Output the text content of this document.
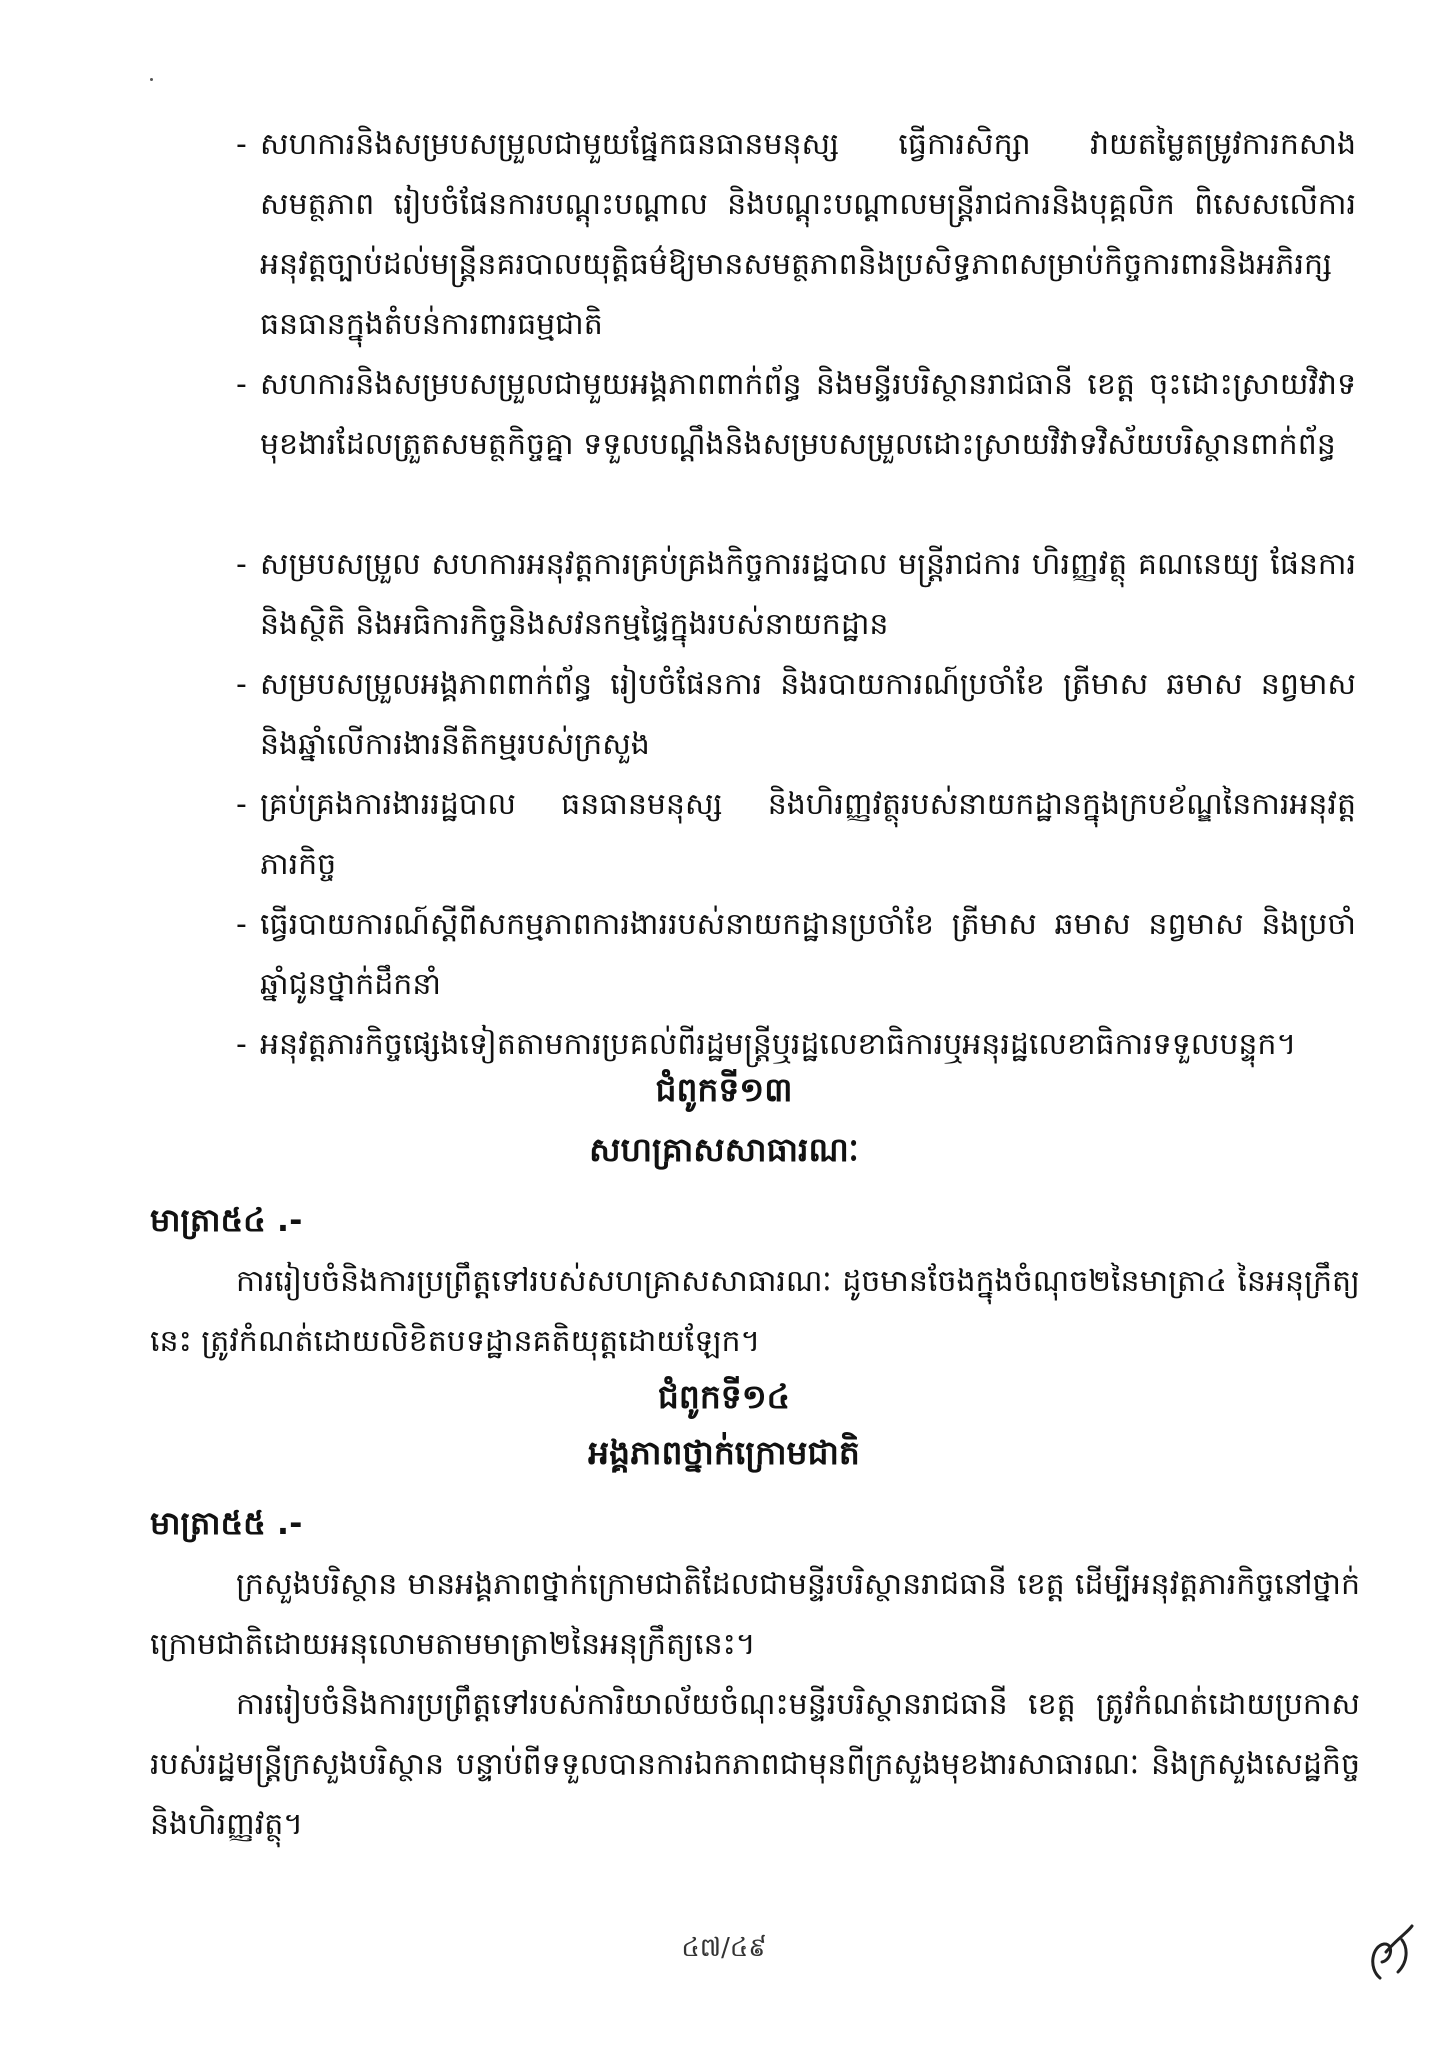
- សហការនិងសម្របសម្រួលជាមួយផ្នែកធនធានមនុស្ស ធ្វើការសិក្សា វាយតម្លៃតម្រូវការកសាងសមត្ថភាព រៀបចំផែនការបណ្ដុះបណ្ដាល និងបណ្ដុះបណ្ដាលមន្ត្រីរាជការនិងបុគ្គលិក ពិសេសលើការអនុវត្តច្បាប់ដល់មន្ត្រីនគរបាលយុត្តិធម៌ឱ្យមានសមត្ថភាពនិងប្រសិទ្ធភាពសម្រាប់កិច្ចការពារនិងអភិរក្សធនធានក្នុងតំបន់ការពារធម្មជាតិ
- សហការនិងសម្របសម្រួលជាមួយអង្គភាពពាក់ព័ន្ធ និងមន្ទីរបរិស្ថានរាជធានី ខេត្ត ចុះដោះស្រាយវិវាទមុខងារដែលត្រួតសមត្ថកិច្ចគ្នា ទទួលបណ្ដឹងនិងសម្របសម្រួលដោះស្រាយវិវាទវិស័យបរិស្ថានពាក់ព័ន្ធ
- សម្របសម្រួល សហការអនុវត្តការគ្រប់គ្រងកិច្ចការរដ្ឋបាល មន្ត្រីរាជការ ហិរញ្ញវត្ថុ គណនេយ្យ ផែនការនិងស្ថិតិ និងអធិការកិច្ចនិងសវនកម្មផ្ទៃក្នុងរបស់នាយកដ្ឋាន
- សម្របសម្រួលអង្គភាពពាក់ព័ន្ធ រៀបចំផែនការ និងរបាយការណ៍ប្រចាំខែ ត្រីមាស ឆមាស នព្វមាស និងឆ្នាំលើការងារនីតិកម្មរបស់ក្រសួង
- គ្រប់គ្រងការងាររដ្ឋបាល ធនធានមនុស្ស និងហិរញ្ញវត្ថុរបស់នាយកដ្ឋានក្នុងក្របខ័ណ្ឌនៃការអនុវត្តភារកិច្ច
- ធ្វើរបាយការណ៍ស្ដីពីសកម្មភាពការងាររបស់នាយកដ្ឋានប្រចាំខែ ត្រីមាស ឆមាស នព្វមាស និងប្រចាំឆ្នាំជូនថ្នាក់ដឹកនាំ
- អនុវត្តភារកិច្ចផ្សេងទៀតតាមការប្រគល់ពីរដ្ឋមន្ត្រីឬរដ្ឋលេខាធិការឬអនុរដ្ឋលេខាធិការទទួលបន្ទុក។
ជំពូកទី១៣
សហគ្រាសសាធារណៈ
មាត្រា៥៤ .-

ការរៀបចំនិងការប្រព្រឹត្តទៅរបស់សហគ្រាសសាធារណៈ ដូចមានចែងក្នុងចំណុច២នៃមាត្រា៤ នៃអនុក្រឹត្យនេះ ត្រូវកំណត់ដោយលិខិតបទដ្ឋានគតិយុត្តដោយឡែក។

ជំពូកទី១៤
អង្គភាពថ្នាក់ក្រោមជាតិ
មាត្រា៥៥ .-

ក្រសួងបរិស្ថាន មានអង្គភាពថ្នាក់ក្រោមជាតិដែលជាមន្ទីរបរិស្ថានរាជធានី ខេត្ត ដើម្បីអនុវត្តភារកិច្ចនៅថ្នាក់ក្រោមជាតិដោយអនុលោមតាមមាត្រា២នៃអនុក្រឹត្យនេះ។

ការរៀបចំនិងការប្រព្រឹត្តទៅរបស់ការិយាល័យចំណុះមន្ទីរបរិស្ថានរាជធានី ខេត្ត ត្រូវកំណត់ដោយប្រកាសរបស់រដ្ឋមន្ត្រីក្រសួងបរិស្ថាន បន្ទាប់ពីទទួលបានការឯកភាពជាមុនពីក្រសួងមុខងារសាធារណៈ និងក្រសួងសេដ្ឋកិច្ចនិងហិរញ្ញវត្ថុ។

៤៧/៤៩
